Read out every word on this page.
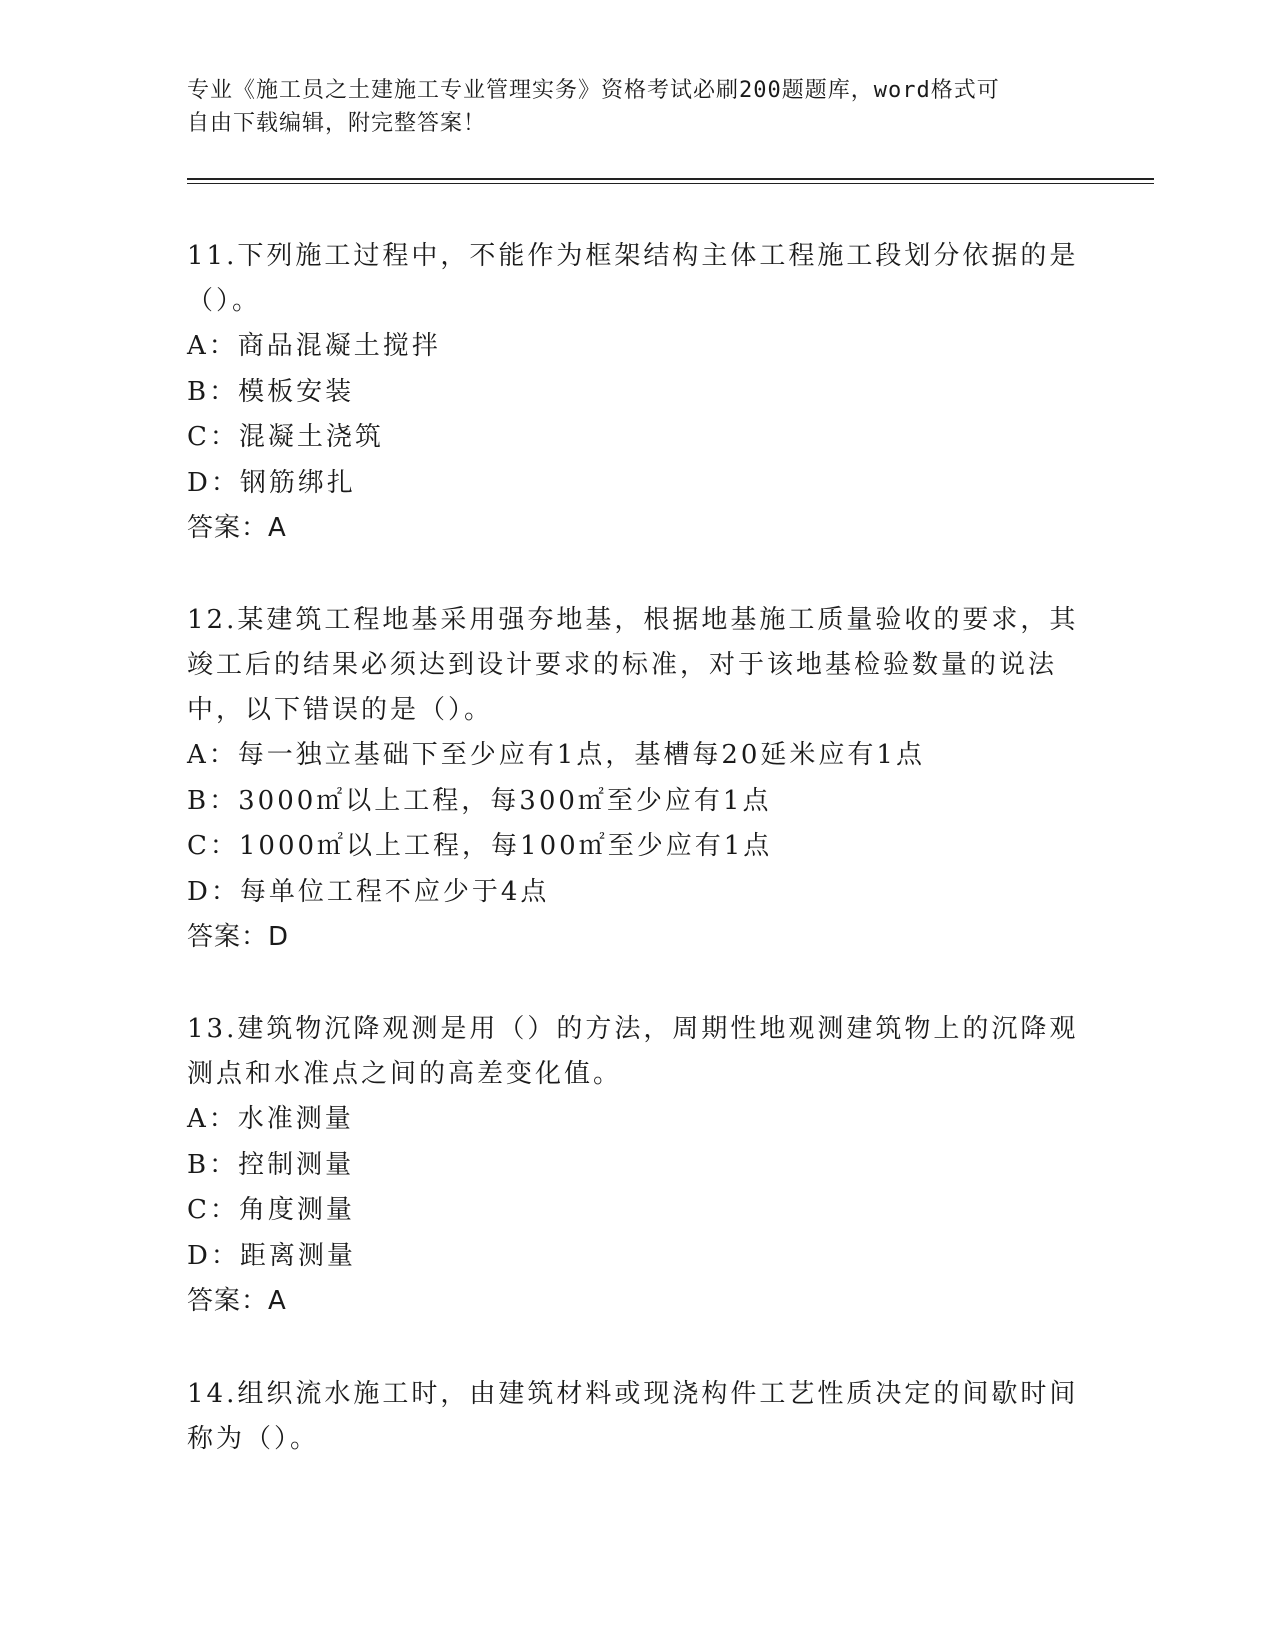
专业《施工员之土建施工专业管理实务》资格考试必刷200题题库，word格式可
自由下载编辑，附完整答案！
11.下列施工过程中，不能作为框架结构主体工程施工段划分依据的是
（）。
A：商品混凝土搅拌
B：模板安装
C：混凝土浇筑
D：钢筋绑扎
答案：A
12.某建筑工程地基采用强夯地基，根据地基施工质量验收的要求，其
竣工后的结果必须达到设计要求的标准，对于该地基检验数量的说法
中，以下错误的是（）。
A：每一独立基础下至少应有1点，基槽每20延米应有1点
B：3000㎡以上工程，每300㎡至少应有1点
C：1000㎡以上工程，每100㎡至少应有1点
D：每单位工程不应少于4点
答案：D
13.建筑物沉降观测是用（）的方法，周期性地观测建筑物上的沉降观
测点和水准点之间的高差变化值。
A：水准测量
B：控制测量
C：角度测量
D：距离测量
答案：A
14.组织流水施工时，由建筑材料或现浇构件工艺性质决定的间歇时间
称为（）。
